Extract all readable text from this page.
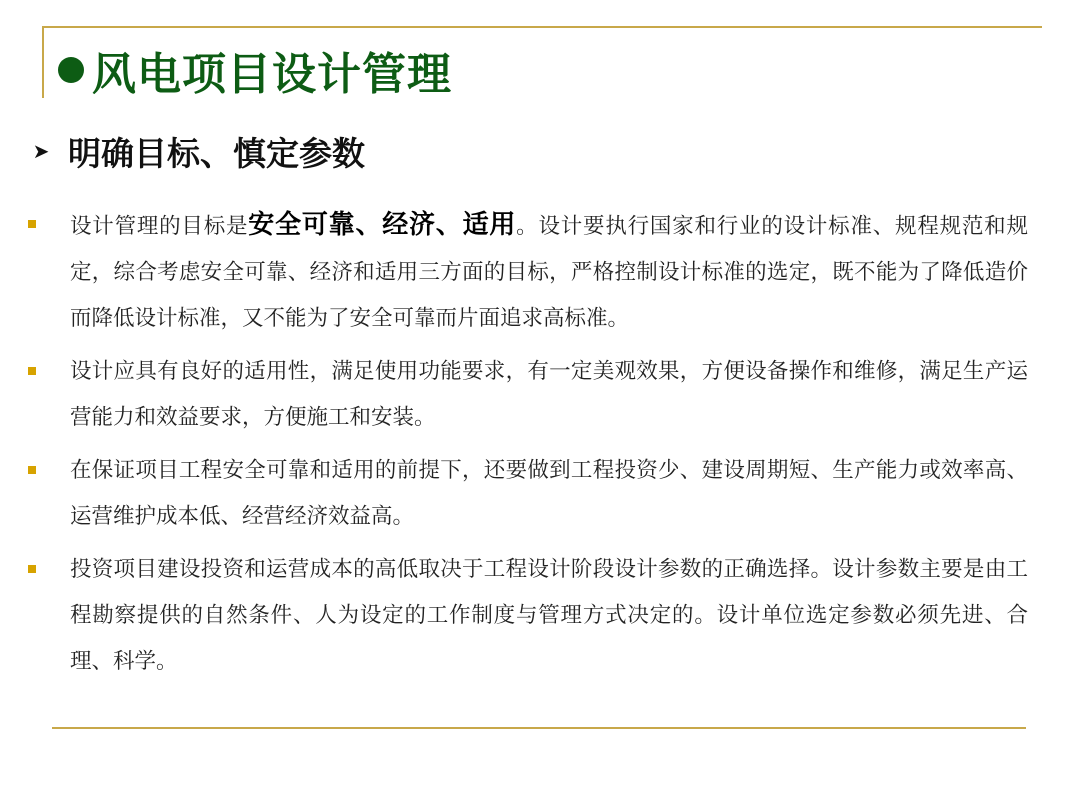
风电项目设计管理
➤ 明确目标、慎定参数
设计管理的目标是安全可靠、经济、适用。设计要执行国家和行业的设计标准、规程规范和规定，综合考虑安全可靠、经济和适用三方面的目标，严格控制设计标准的选定，既不能为了降低造价而降低设计标准，又不能为了安全可靠而片面追求高标准。
设计应具有良好的适用性，满足使用功能要求，有一定美观效果，方便设备操作和维修，满足生产运营能力和效益要求，方便施工和安装。
在保证项目工程安全可靠和适用的前提下，还要做到工程投资少、建设周期短、生产能力或效率高、运营维护成本低、经营经济效益高。
投资项目建设投资和运营成本的高低取决于工程设计阶段设计参数的正确选择。设计参数主要是由工程勘察提供的自然条件、人为设定的工作制度与管理方式决定的。设计单位选定参数必须先进、合理、科学。
